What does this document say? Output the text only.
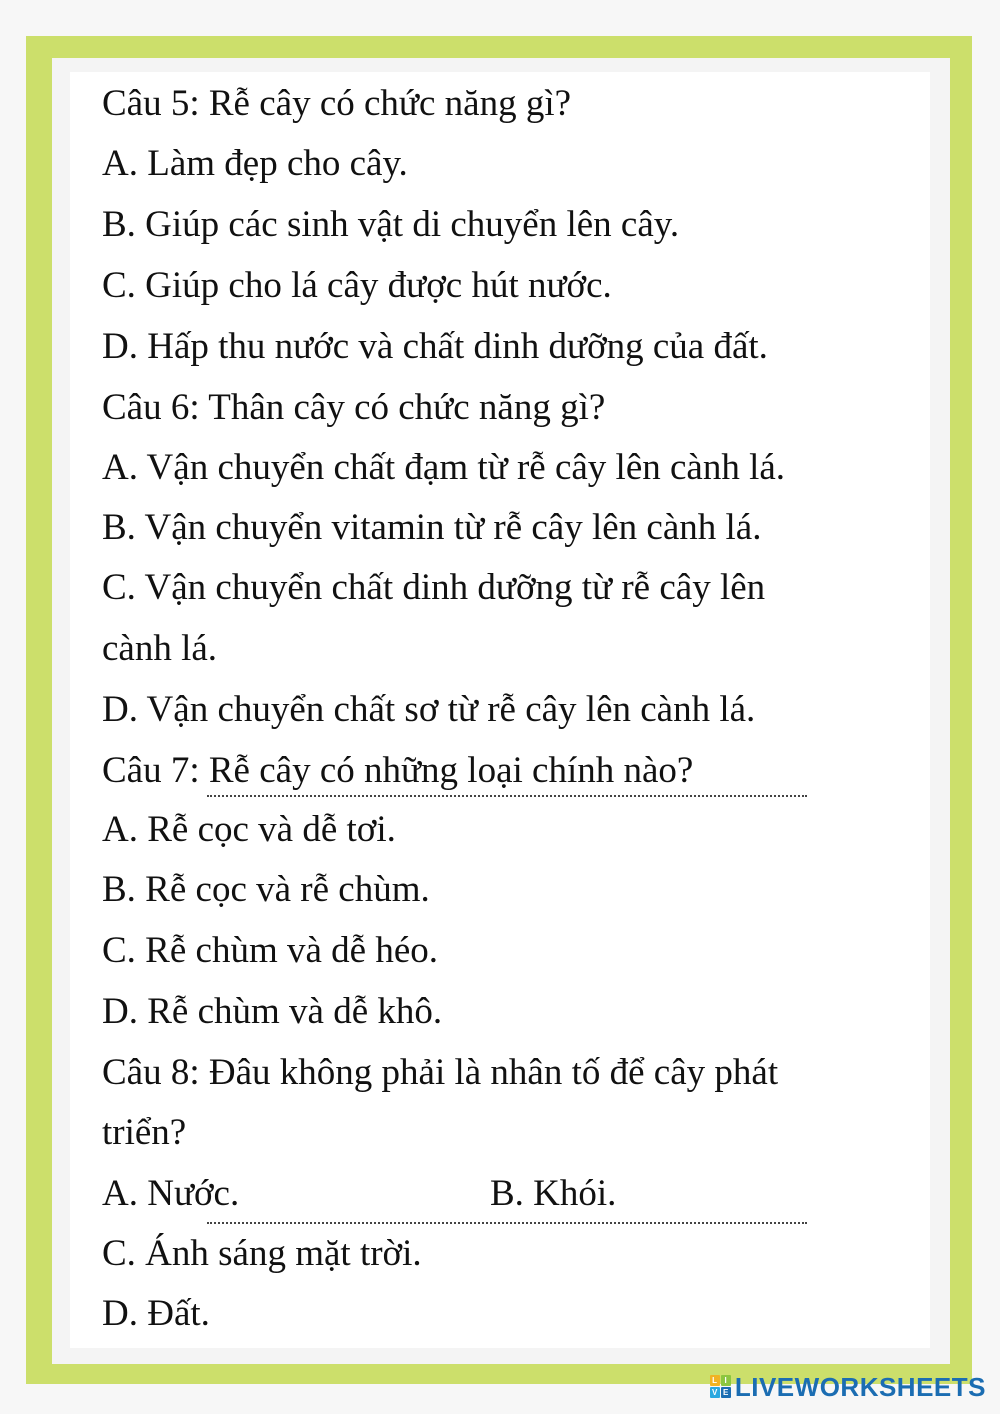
Câu 5: Rễ cây có chức năng gì?

A. Làm đẹp cho cây.

B. Giúp các sinh vật di chuyển lên cây.

C. Giúp cho lá cây được hút nước.

D. Hấp thu nước và chất dinh dưỡng của đất.

Câu 6: Thân cây có chức năng gì?

A. Vận chuyển chất đạm từ rễ cây lên cành lá.

B. Vận chuyển vitamin từ rễ cây lên cành lá.

C. Vận chuyển chất dinh dưỡng từ rễ cây lên

cành lá.

D. Vận chuyển chất sơ từ rễ cây lên cành lá.

Câu 7: Rễ cây có những loại chính nào?

A. Rễ cọc và dễ tơi.

B. Rễ cọc và rễ chùm.

C. Rễ chùm và dễ héo.

D. Rễ chùm và dễ khô.

Câu 8: Đâu không phải là nhân tố để cây phát

triển?

A. Nước.	B. Khói.

C. Ánh sáng mặt trời.

D. Đất.

L I
V E LIVEWORKSHEETS
